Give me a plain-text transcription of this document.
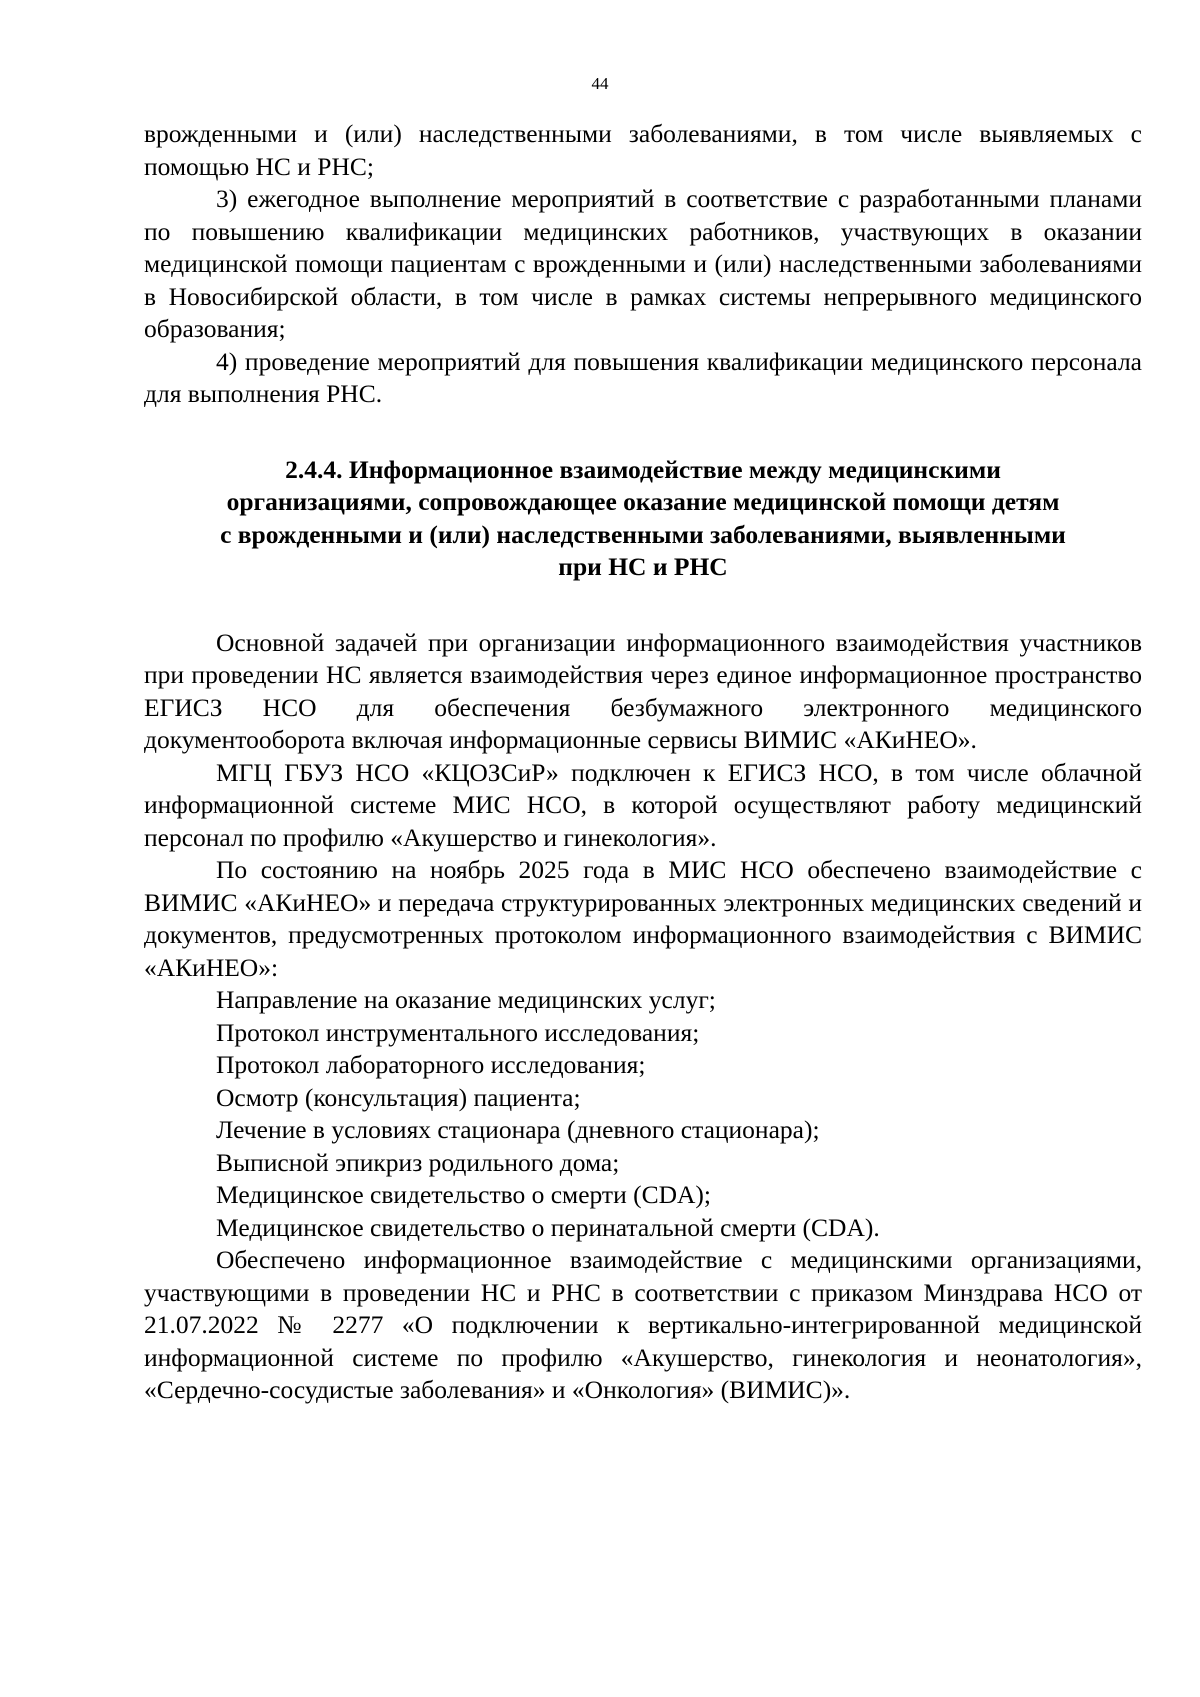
44

врожденными и (или) наследственными заболеваниями, в том числе выявляемых с помощью НС и РНС;

3) ежегодное выполнение мероприятий в соответствие с разработанными планами по повышению квалификации медицинских работников, участвующих в оказании медицинской помощи пациентам с врожденными и (или) наследственными заболеваниями в Новосибирской области, в том числе в рамках системы непрерывного медицинского образования;

4) проведение мероприятий для повышения квалификации медицинского персонала для выполнения РНС.

2.4.4. Информационное взаимодействие между медицинскими
организациями, сопровождающее оказание медицинской помощи детям
с врожденными и (или) наследственными заболеваниями, выявленными
при НС и РНС

Основной задачей при организации информационного взаимодействия участников при проведении НС является взаимодействия через единое информационное пространство ЕГИСЗ НСО для обеспечения безбумажного электронного медицинского документооборота включая информационные сервисы ВИМИС «АКиНЕО».

МГЦ ГБУЗ НСО «КЦОЗСиР» подключен к ЕГИСЗ НСО, в том числе облачной информационной системе МИС НСО, в которой осуществляют работу медицинский персонал по профилю «Акушерство и гинекология».

По состоянию на ноябрь 2025 года в МИС НСО обеспечено взаимодействие с ВИМИС «АКиНЕО» и передача структурированных электронных медицинских сведений и документов, предусмотренных протоколом информационного взаимодействия с ВИМИС «АКиНЕО»:

Направление на оказание медицинских услуг;

Протокол инструментального исследования;

Протокол лабораторного исследования;

Осмотр (консультация) пациента;

Лечение в условиях стационара (дневного стационара);

Выписной эпикриз родильного дома;

Медицинское свидетельство о смерти (CDA);

Медицинское свидетельство о перинатальной смерти (CDA).

Обеспечено информационное взаимодействие с медицинскими организациями, участвующими в проведении НС и РНС в соответствии с приказом Минздрава НСО от 21.07.2022 № 2277 «О подключении к вертикально-интегрированной медицинской информационной системе по профилю «Акушерство, гинекология и неонатология», «Сердечно-сосудистые заболевания» и «Онкология» (ВИМИС)».
